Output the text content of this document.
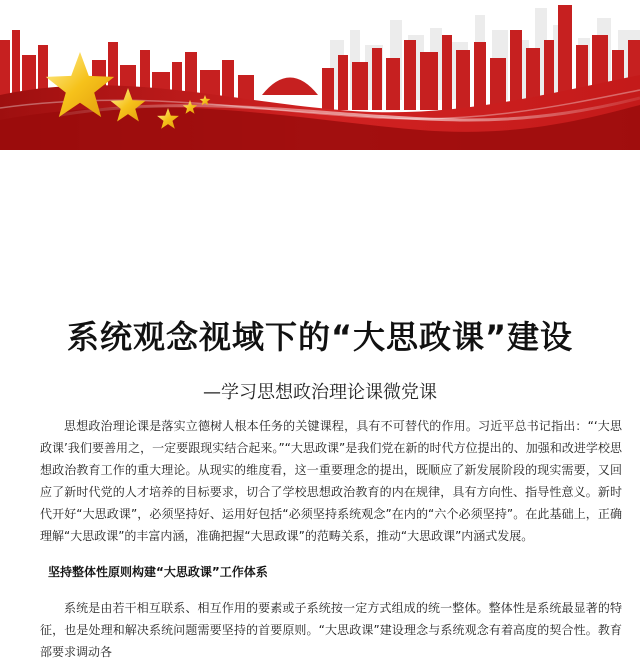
系统观念视域下的“大思政课”建设
—学习思想政治理论课微党课

思想政治理论课是落实立德树人根本任务的关键课程，具有不可替代的作用。习近平总书记指出：“‘大思政课’我们要善用之，一定要跟现实结合起来。”“大思政课”是我们党在新的时代方位提出的、加强和改进学校思想政治教育工作的重大理论。从现实的维度看，这一重要理念的提出，既顺应了新发展阶段的现实需要，又回应了新时代党的人才培养的目标要求，切合了学校思想政治教育的内在规律，具有方向性、指导性意义。新时代开好“大思政课”，必须坚持好、运用好包括“必须坚持系统观念”在内的“六个必须坚持”。在此基础上，正确理解“大思政课”的丰富内涵，准确把握“大思政课”的范畴关系，推动“大思政课”内涵式发展。

坚持整体性原则构建“大思政课”工作体系

系统是由若干相互联系、相互作用的要素或子系统按一定方式组成的统一整体。整体性是系统最显著的特征，也是处理和解决系统问题需要坚持的首要原则。“大思政课”建设理念与系统观念有着高度的契合性。教育部要求调动各
